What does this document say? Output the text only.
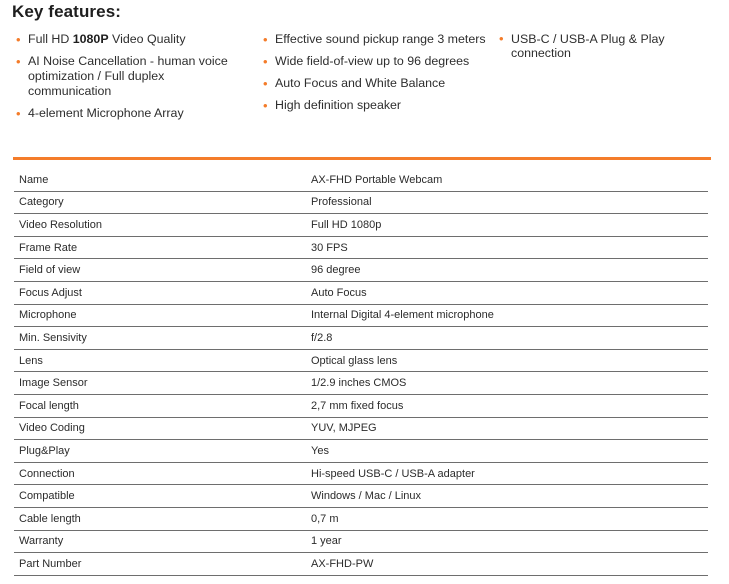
Key features:
• Full HD 1080P Video Quality
• AI Noise Cancellation - human voice optimization / Full duplex communication
• 4-element Microphone Array
• Effective sound pickup range 3 meters
• Wide field-of-view up to 96 degrees
• Auto Focus and White Balance
• High definition speaker
• USB-C / USB-A Plug & Play connection
Name	AX-FHD Portable Webcam
Category	Professional
Video Resolution	Full HD 1080p
Frame Rate	30 FPS
Field of view	96 degree
Focus Adjust	Auto Focus
Microphone	Internal Digital 4-element microphone
Min. Sensivity	f/2.8
Lens	Optical glass lens
Image Sensor	1/2.9 inches CMOS
Focal length	2,7 mm fixed focus
Video Coding	YUV, MJPEG
Plug&Play	Yes
Connection	Hi-speed USB-C / USB-A adapter
Compatible	Windows / Mac / Linux
Cable length	0,7 m
Warranty	1 year
Part Number	AX-FHD-PW
